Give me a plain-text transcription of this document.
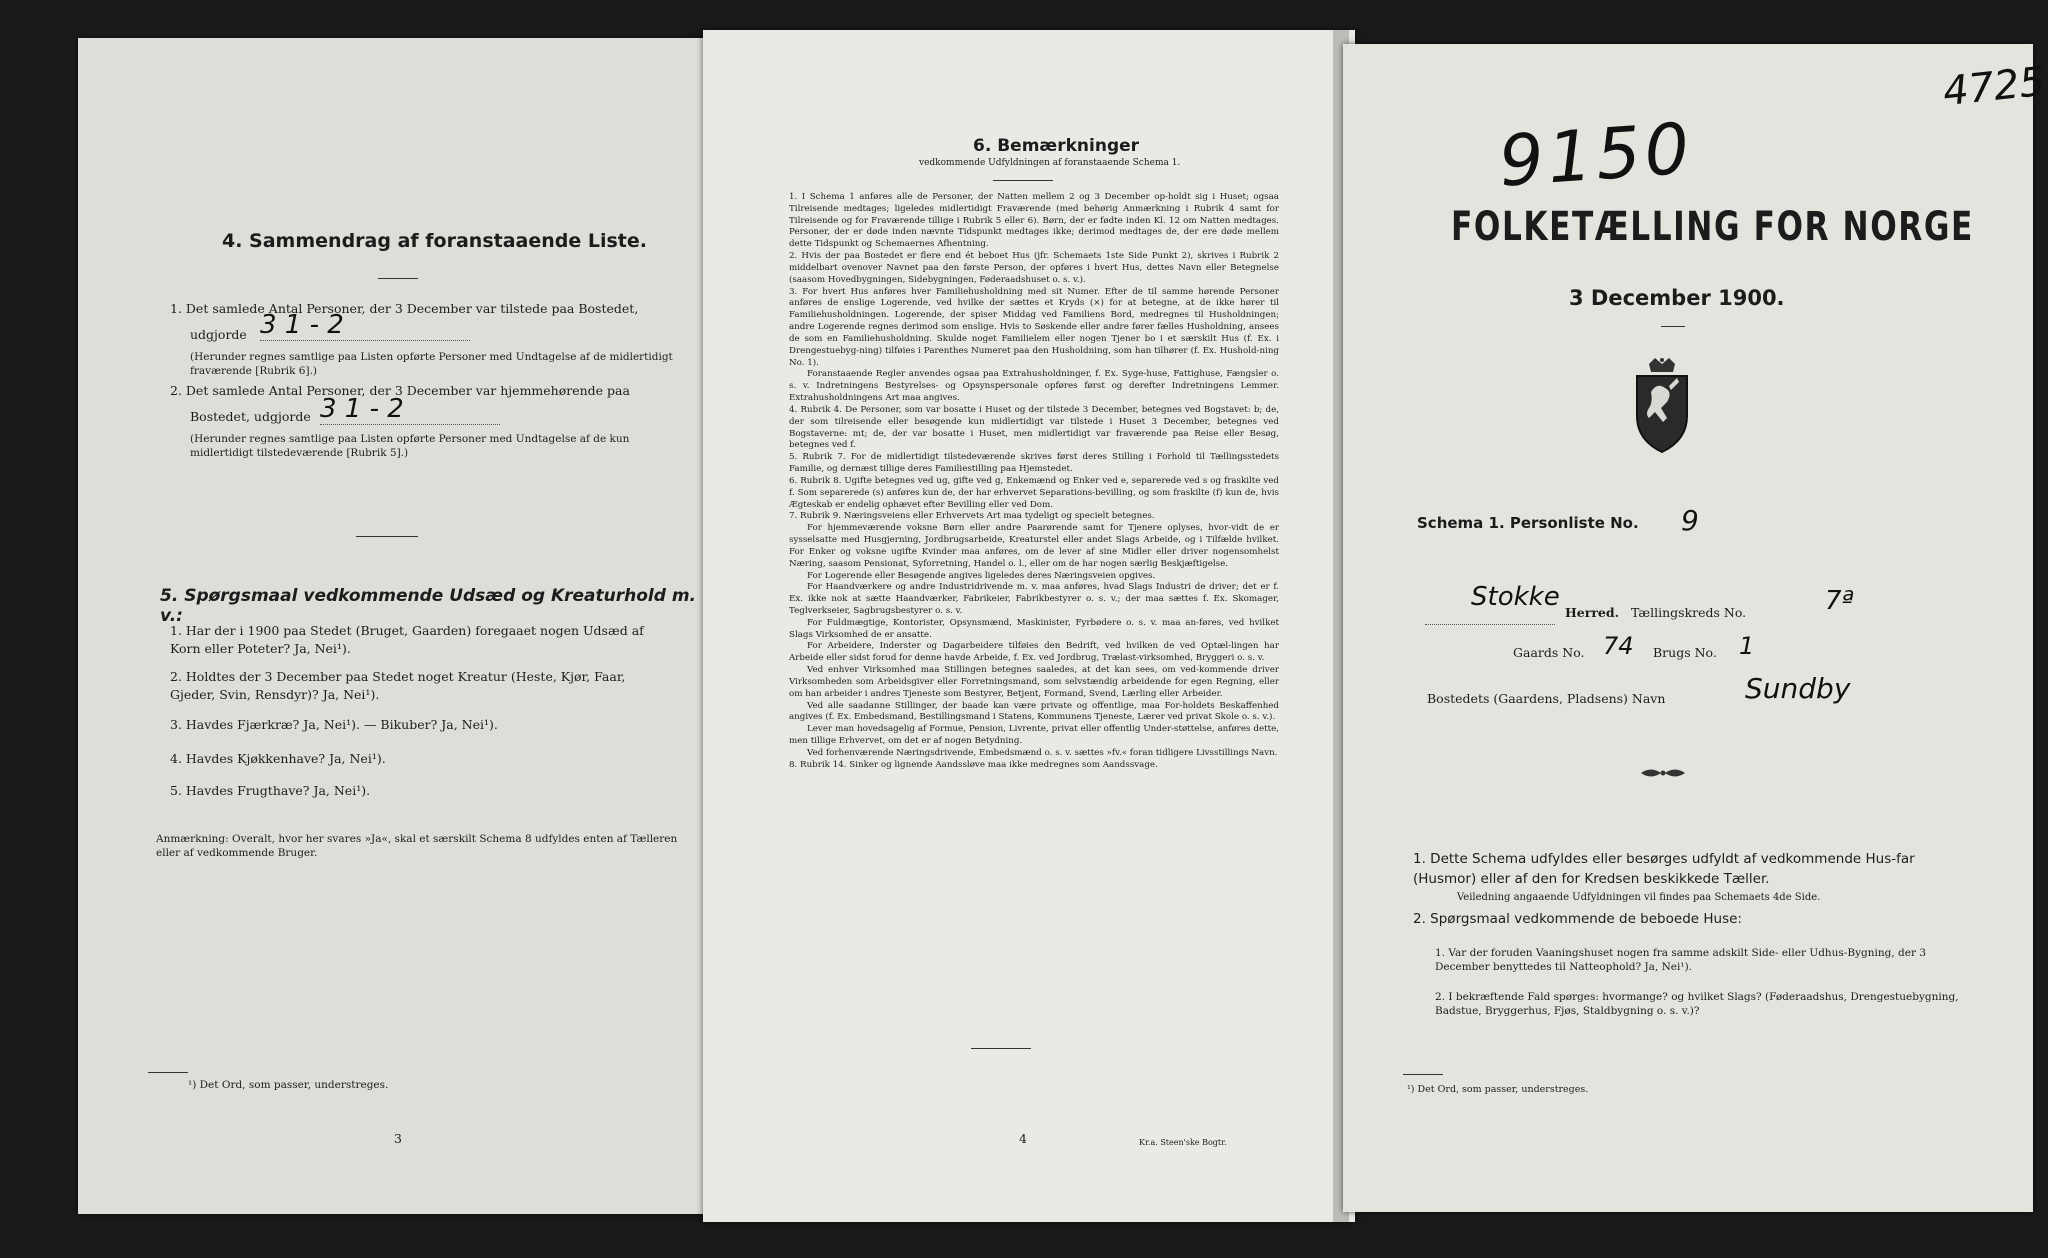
4. Sammendrag af foranstaaende Liste.
1. Det samlede Antal Personer, der 3 December var tilstede paa Bostedet,
udgjorde 3 1 - 2
(Herunder regnes samtlige paa Listen opførte Personer med Undtagelse af de midlertidigt fraværende [Rubrik 6].)
2. Det samlede Antal Personer, der 3 December var hjemmehørende paa
Bostedet, udgjorde 3 1 - 2
(Herunder regnes samtlige paa Listen opførte Personer med Undtagelse af de kun midlertidigt tilstedeværende [Rubrik 5].)
5. Spørgsmaal vedkommende Udsæd og Kreaturhold m. v.:
1. Har der i 1900 paa Stedet (Bruget, Gaarden) foregaaet nogen Udsæd af Korn eller Poteter? Ja, Nei¹).
2. Holdtes der 3 December paa Stedet noget Kreatur (Heste, Kjør, Faar, Gjeder, Svin, Rensdyr)? Ja, Nei¹).
3. Havdes Fjærkræ? Ja, Nei¹). — Bikuber? Ja, Nei¹).
4. Havdes Kjøkkenhave? Ja, Nei¹).
5. Havdes Frugthave? Ja, Nei¹).
Anmærkning: Overalt, hvor her svares »Ja«, skal et særskilt Schema 8 udfyldes enten af Tælleren eller af vedkommende Bruger.
¹) Det Ord, som passer, understreges.
3
6. Bemærkninger
vedkommende Udfyldningen af foranstaaende Schema 1.
1. I Schema 1 anføres alle de Personer, der Natten mellem 2 og 3 December op-holdt sig i Huset; ogsaa Tilreisende medtages; ligeledes midlertidigt Fraværende (med behørig Anmærkning i Rubrik 4 samt for Tilreisende og for Fraværende tillige i Rubrik 5 eller 6). Børn, der er fødte inden Kl. 12 om Natten medtages. Personer, der er døde inden nævnte Tidspunkt medtages ikke; derimod medtages de, der ere døde mellem dette Tidspunkt og Schemaernes Afhentning.
2. Hvis der paa Bostedet er flere end ét beboet Hus (jfr. Schemaets 1ste Side Punkt 2), skrives i Rubrik 2 middelbart ovenover Navnet paa den første Person, der opføres i hvert Hus, dettes Navn eller Betegnelse (saasom Hovedbygningen, Sidebygningen, Føderaadshuset o. s. v.).
3. For hvert Hus anføres hver Familiehusholdning med sit Numer. Efter de til samme hørende Personer anføres de enslige Logerende, ved hvilke der sættes et Kryds (×) for at betegne, at de ikke hører til Familiehusholdningen. Logerende, der spiser Middag ved Familiens Bord, medregnes til Husholdningen; andre Logerende regnes derimod som enslige. Hvis to Søskende eller andre fører fælles Husholdning, ansees de som en Familiehusholdning. Skulde noget Familielem eller nogen Tjener bo i et særskilt Hus (f. Ex. i Drengestuebyg-ning) tilføies i Parenthes Numeret paa den Husholdning, som han tilhører (f. Ex. Hushold-ning No. 1).
Foranstaaende Regler anvendes ogsaa paa Extrahusholdninger, f. Ex. Syge-huse, Fattighuse, Fængsler o. s. v. Indretningens Bestyrelses- og Opsynspersonale opføres først og derefter Indretningens Lemmer. Extrahusholdningens Art maa angives.
4. Rubrik 4. De Personer, som var bosatte i Huset og der tilstede 3 December, betegnes ved Bogstavet: b; de, der som tilreisende eller besøgende kun midlertidigt var tilstede i Huset 3 December, betegnes ved Bogstaverne: mt; de, der var bosatte i Huset, men midlertidigt var fraværende paa Reise eller Besøg, betegnes ved f.
5. Rubrik 7. For de midlertidigt tilstedeværende skrives først deres Stilling i Forhold til Tællingsstedets Familie, og dernæst tillige deres Familiestilling paa Hjemstedet.
6. Rubrik 8. Ugifte betegnes ved ug, gifte ved g, Enkemænd og Enker ved e, separerede ved s og fraskilte ved f. Som separerede (s) anføres kun de, der har erhvervet Separations-bevilling, og som fraskilte (f) kun de, hvis Ægteskab er endelig ophævet efter Bevilling eller ved Dom.
7. Rubrik 9. Næringsveiens eller Erhvervets Art maa tydeligt og specielt betegnes.
For hjemmeværende voksne Børn eller andre Paarørende samt for Tjenere oplyses, hvor-vidt de er sysselsatte med Husgjerning, Jordbrugsarbeide, Kreaturstel eller andet Slags Arbeide, og i Tilfælde hvilket. For Enker og voksne ugifte Kvinder maa anføres, om de lever af sine Midler eller driver nogensomhelst Næring, saasom Pensionat, Syforretning, Handel o. l., eller om de har nogen særlig Beskjæftigelse.
For Logerende eller Besøgende angives ligeledes deres Næringsveien opgives.
For Haandværkere og andre Industridrivende m. v. maa anføres, hvad Slags Industri de driver; det er f. Ex. ikke nok at sætte Haandværker, Fabrikeier, Fabrikbestyrer o. s. v.; der maa sættes f. Ex. Skomager, Teglverkseier, Sagbrugsbestyrer o. s. v.
For Fuldmægtige, Kontorister, Opsynsmænd, Maskinister, Fyrbødere o. s. v. maa an-føres, ved hvilket Slags Virksomhed de er ansatte.
For Arbeidere, Inderster og Dagarbeidere tilføies den Bedrift, ved hvilken de ved Optæl-lingen har Arbeide eller sidst forud for denne havde Arbeide, f. Ex. ved Jordbrug, Trælast-virksomhed, Bryggeri o. s. v.
Ved enhver Virksomhed maa Stillingen betegnes saaledes, at det kan sees, om ved-kommende driver Virksomheden som Arbeidsgiver eller Forretningsmand, som selvstændig arbeidende for egen Regning, eller om han arbeider i andres Tjeneste som Bestyrer, Betjent, Formand, Svend, Lærling eller Arbeider.
Ved alle saadanne Stillinger, der baade kan være private og offentlige, maa For-holdets Beskaffenhed angives (f. Ex. Embedsmand, Bestillingsmand i Statens, Kommunens Tjeneste, Lærer ved privat Skole o. s. v.).
Lever man hovedsagelig af Formue, Pension, Livrente, privat eller offentlig Under-støttelse, anføres dette, men tillige Erhvervet, om det er af nogen Betydning.
Ved forhenværende Næringsdrivende, Embedsmænd o. s. v. sættes »fv.« foran tidligere Livsstillings Navn.
8. Rubrik 14. Sinker og lignende Aandssløve maa ikke medregnes som Aandssvage.
4	Kr.a. Steen'ske Bogtr.
9150
4725
FOLKETÆLLING FOR NORGE
3 December 1900.
Schema 1. Personliste No. 9
Stokke
Herred. Tællingskreds No.	7ª
Gaards No. 74 Brugs No. 1
Bostedets (Gaardens, Pladsens) Navn	Sundby
1. Dette Schema udfyldes eller besørges udfyldt af vedkommende Hus-far (Husmor) eller af den for Kredsen beskikkede Tæller.
Veiledning angaaende Udfyldningen vil findes paa Schemaets 4de Side.
2. Spørgsmaal vedkommende de beboede Huse:
1. Var der foruden Vaaningshuset nogen fra samme adskilt Side- eller Udhus-Bygning, der 3 December benyttedes til Natteophold? Ja, Nei¹).
2. I bekræftende Fald spørges: hvormange? og hvilket Slags? (Føderaadshus, Drengestuebygning, Badstue, Bryggerhus, Fjøs, Staldbygning o. s. v.)?
¹) Det Ord, som passer, understreges.
